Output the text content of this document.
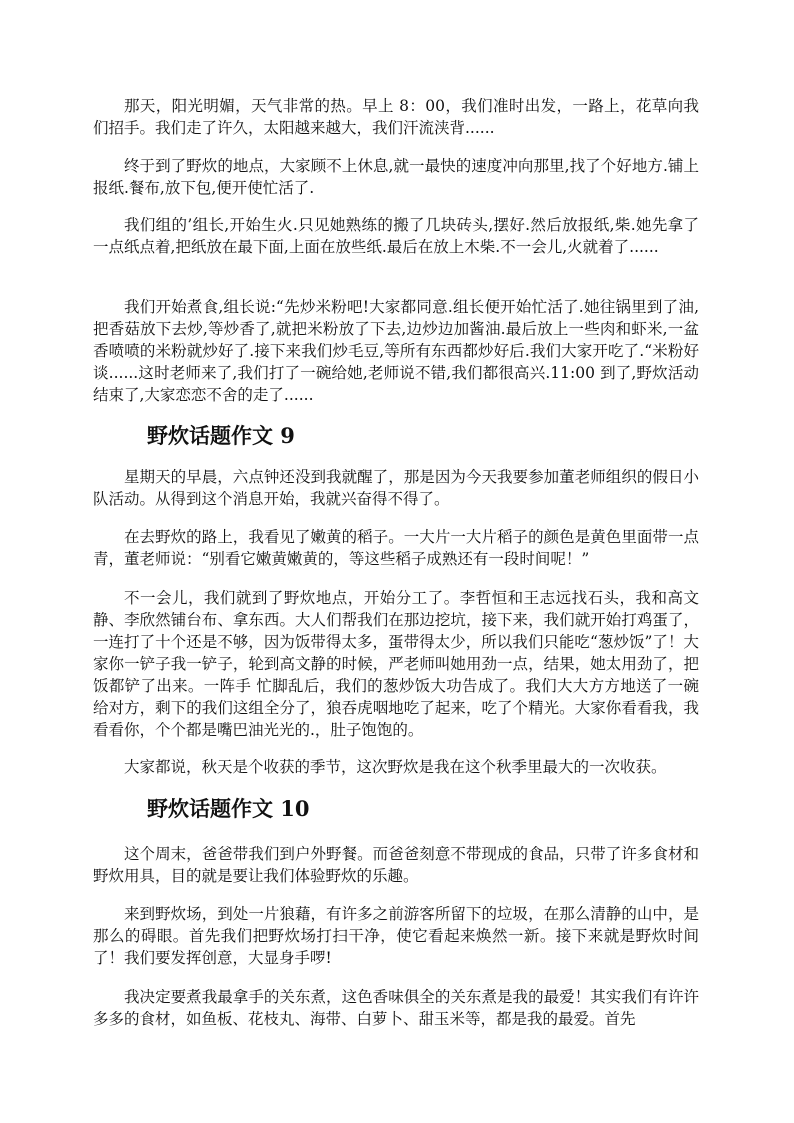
那天，阳光明媚，天气非常的热。早上 8：00，我们准时出发，一路上，花草向我们招手。我们走了许久，太阳越来越大，我们汗流浃背......

终于到了野炊的地点，大家顾不上休息,就一最快的速度冲向那里,找了个好地方.铺上报纸.餐布,放下包,便开使忙活了.

我们组的’组长,开始生火.只见她熟练的搬了几块砖头,摆好.然后放报纸,柴.她先拿了一点纸点着,把纸放在最下面,上面在放些纸.最后在放上木柴.不一会儿,火就着了......

我们开始煮食,组长说:“先炒米粉吧!大家都同意.组长便开始忙活了.她往锅里到了油,把香菇放下去炒,等炒香了,就把米粉放了下去,边炒边加酱油.最后放上一些肉和虾米,一盆香喷喷的米粉就炒好了.接下来我们炒毛豆,等所有东西都炒好后.我们大家开吃了.“米粉好谈......这时老师来了,我们打了一碗给她,老师说不错,我们都很高兴.11:00 到了,野炊活动结束了,大家恋恋不舍的走了......

野炊话题作文 9

星期天的早晨，六点钟还没到我就醒了，那是因为今天我要参加董老师组织的假日小队活动。从得到这个消息开始，我就兴奋得不得了。

在去野炊的路上，我看见了嫩黄的稻子。一大片一大片稻子的颜色是黄色里面带一点青，董老师说：“别看它嫩黄嫩黄的，等这些稻子成熟还有一段时间呢！”

不一会儿，我们就到了野炊地点，开始分工了。李哲恒和王志远找石头，我和高文静、李欣然铺台布、拿东西。大人们帮我们在那边挖坑，接下来，我们就开始打鸡蛋了，一连打了十个还是不够，因为饭带得太多，蛋带得太少，所以我们只能吃“葱炒饭”了！大家你一铲子我一铲子，轮到高文静的时候，严老师叫她用劲一点，结果，她太用劲了，把饭都铲了出来。一阵手 忙脚乱后，我们的葱炒饭大功告成了。我们大大方方地送了一碗给对方，剩下的我们这组全分了，狼吞虎咽地吃了起来，吃了个精光。大家你看看我，我看看你，个个都是嘴巴油光光的.，肚子饱饱的。

大家都说，秋天是个收获的季节，这次野炊是我在这个秋季里最大的一次收获。

野炊话题作文 10

这个周末，爸爸带我们到户外野餐。而爸爸刻意不带现成的食品，只带了许多食材和野炊用具，目的就是要让我们体验野炊的乐趣。

来到野炊场，到处一片狼藉，有许多之前游客所留下的垃圾，在那么清静的山中，是那么的碍眼。首先我们把野炊场打扫干净，使它看起来焕然一新。接下来就是野炊时间了！我们要发挥创意，大显身手啰!

我决定要煮我最拿手的关东煮，这色香味俱全的关东煮是我的最爱！其实我们有许许多多的食材，如鱼板、花枝丸、海带、白萝卜、甜玉米等，都是我的最爱。首先
